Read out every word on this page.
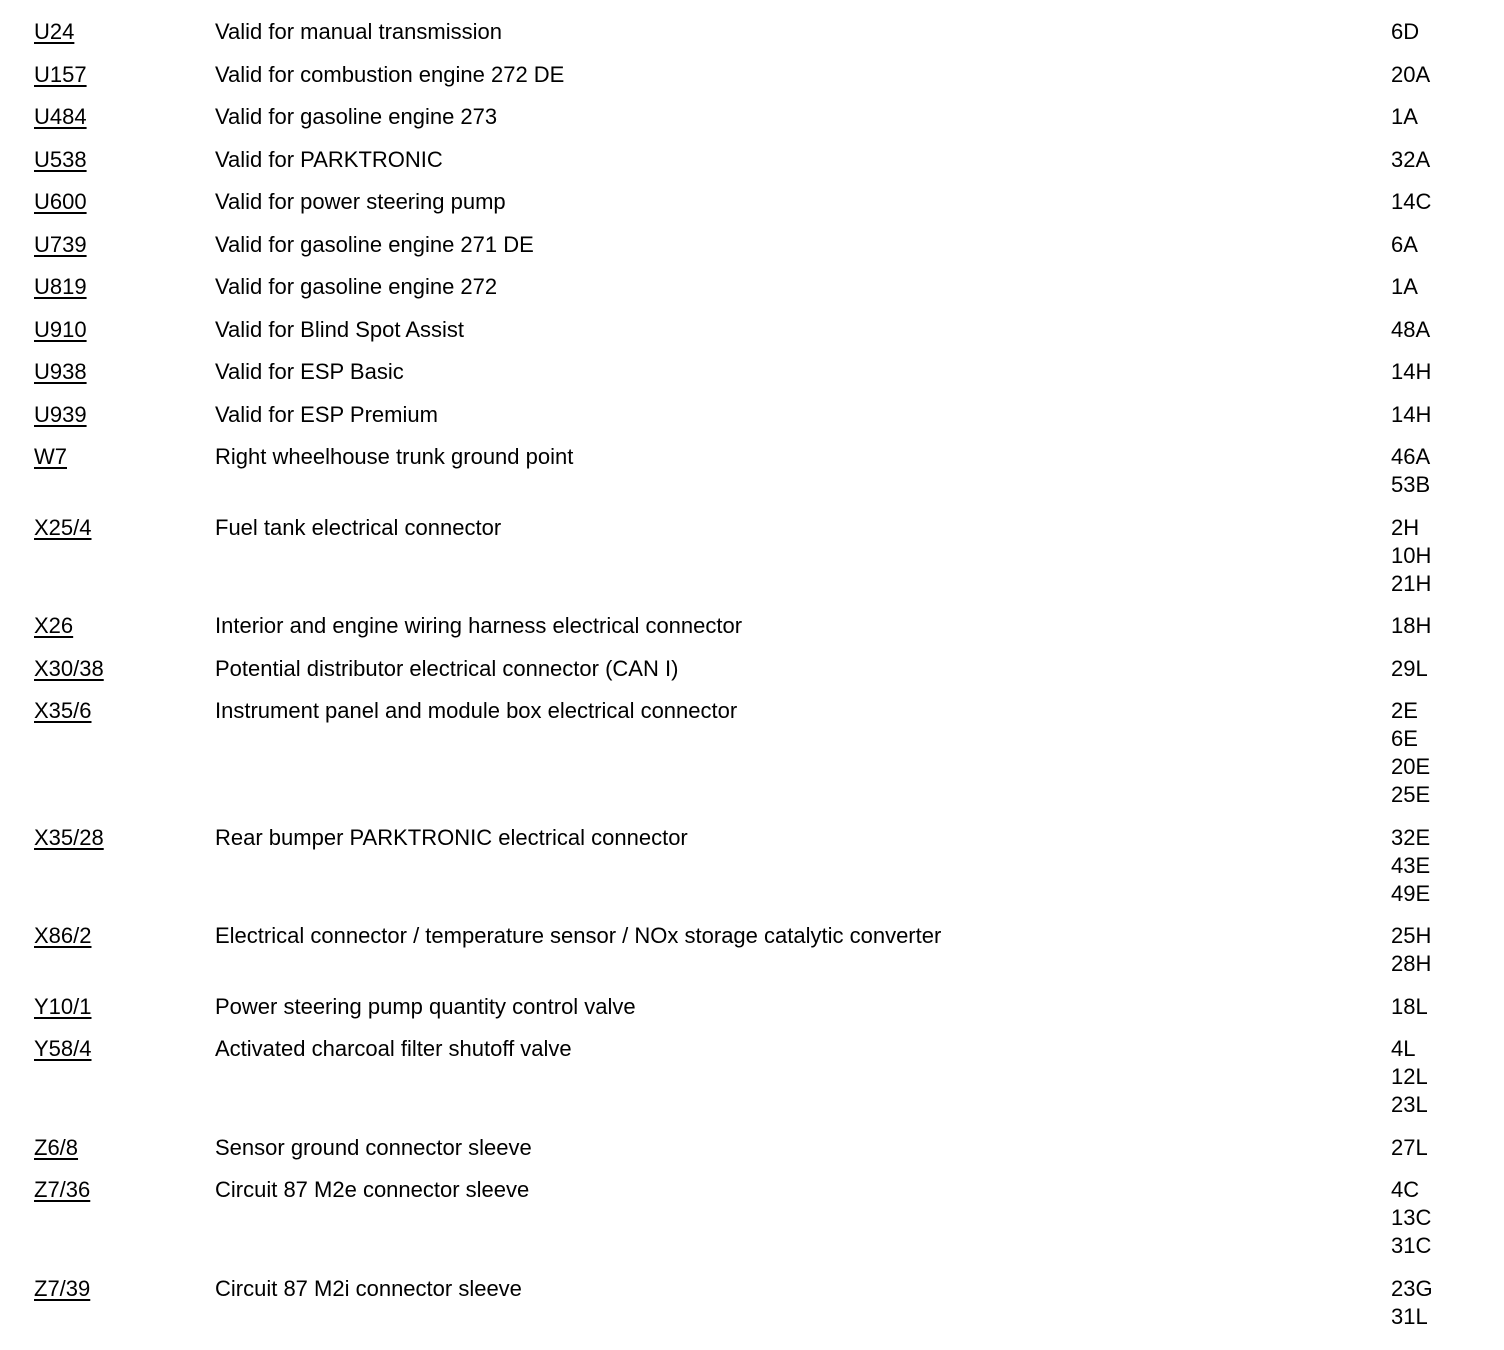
U24	Valid for manual transmission	6D
U157	Valid for combustion engine 272 DE	20A
U484	Valid for gasoline engine 273	1A
U538	Valid for PARKTRONIC	32A
U600	Valid for power steering pump	14C
U739	Valid for gasoline engine 271 DE	6A
U819	Valid for gasoline engine 272	1A
U910	Valid for Blind Spot Assist	48A
U938	Valid for ESP Basic	14H
U939	Valid for ESP Premium	14H
W7	Right wheelhouse trunk ground point	46A
53B
X25/4	Fuel tank electrical connector	2H
10H
21H
X26	Interior and engine wiring harness electrical connector	18H
X30/38	Potential distributor electrical connector (CAN I)	29L
X35/6	Instrument panel and module box electrical connector	2E
6E
20E
25E
X35/28	Rear bumper PARKTRONIC electrical connector	32E
43E
49E
X86/2	Electrical connector / temperature sensor / NOx storage catalytic converter	25H
28H
Y10/1	Power steering pump quantity control valve	18L
Y58/4	Activated charcoal filter shutoff valve	4L
12L
23L
Z6/8	Sensor ground connector sleeve	27L
Z7/36	Circuit 87 M2e connector sleeve	4C
13C
31C
Z7/39	Circuit 87 M2i connector sleeve	23G
31L
